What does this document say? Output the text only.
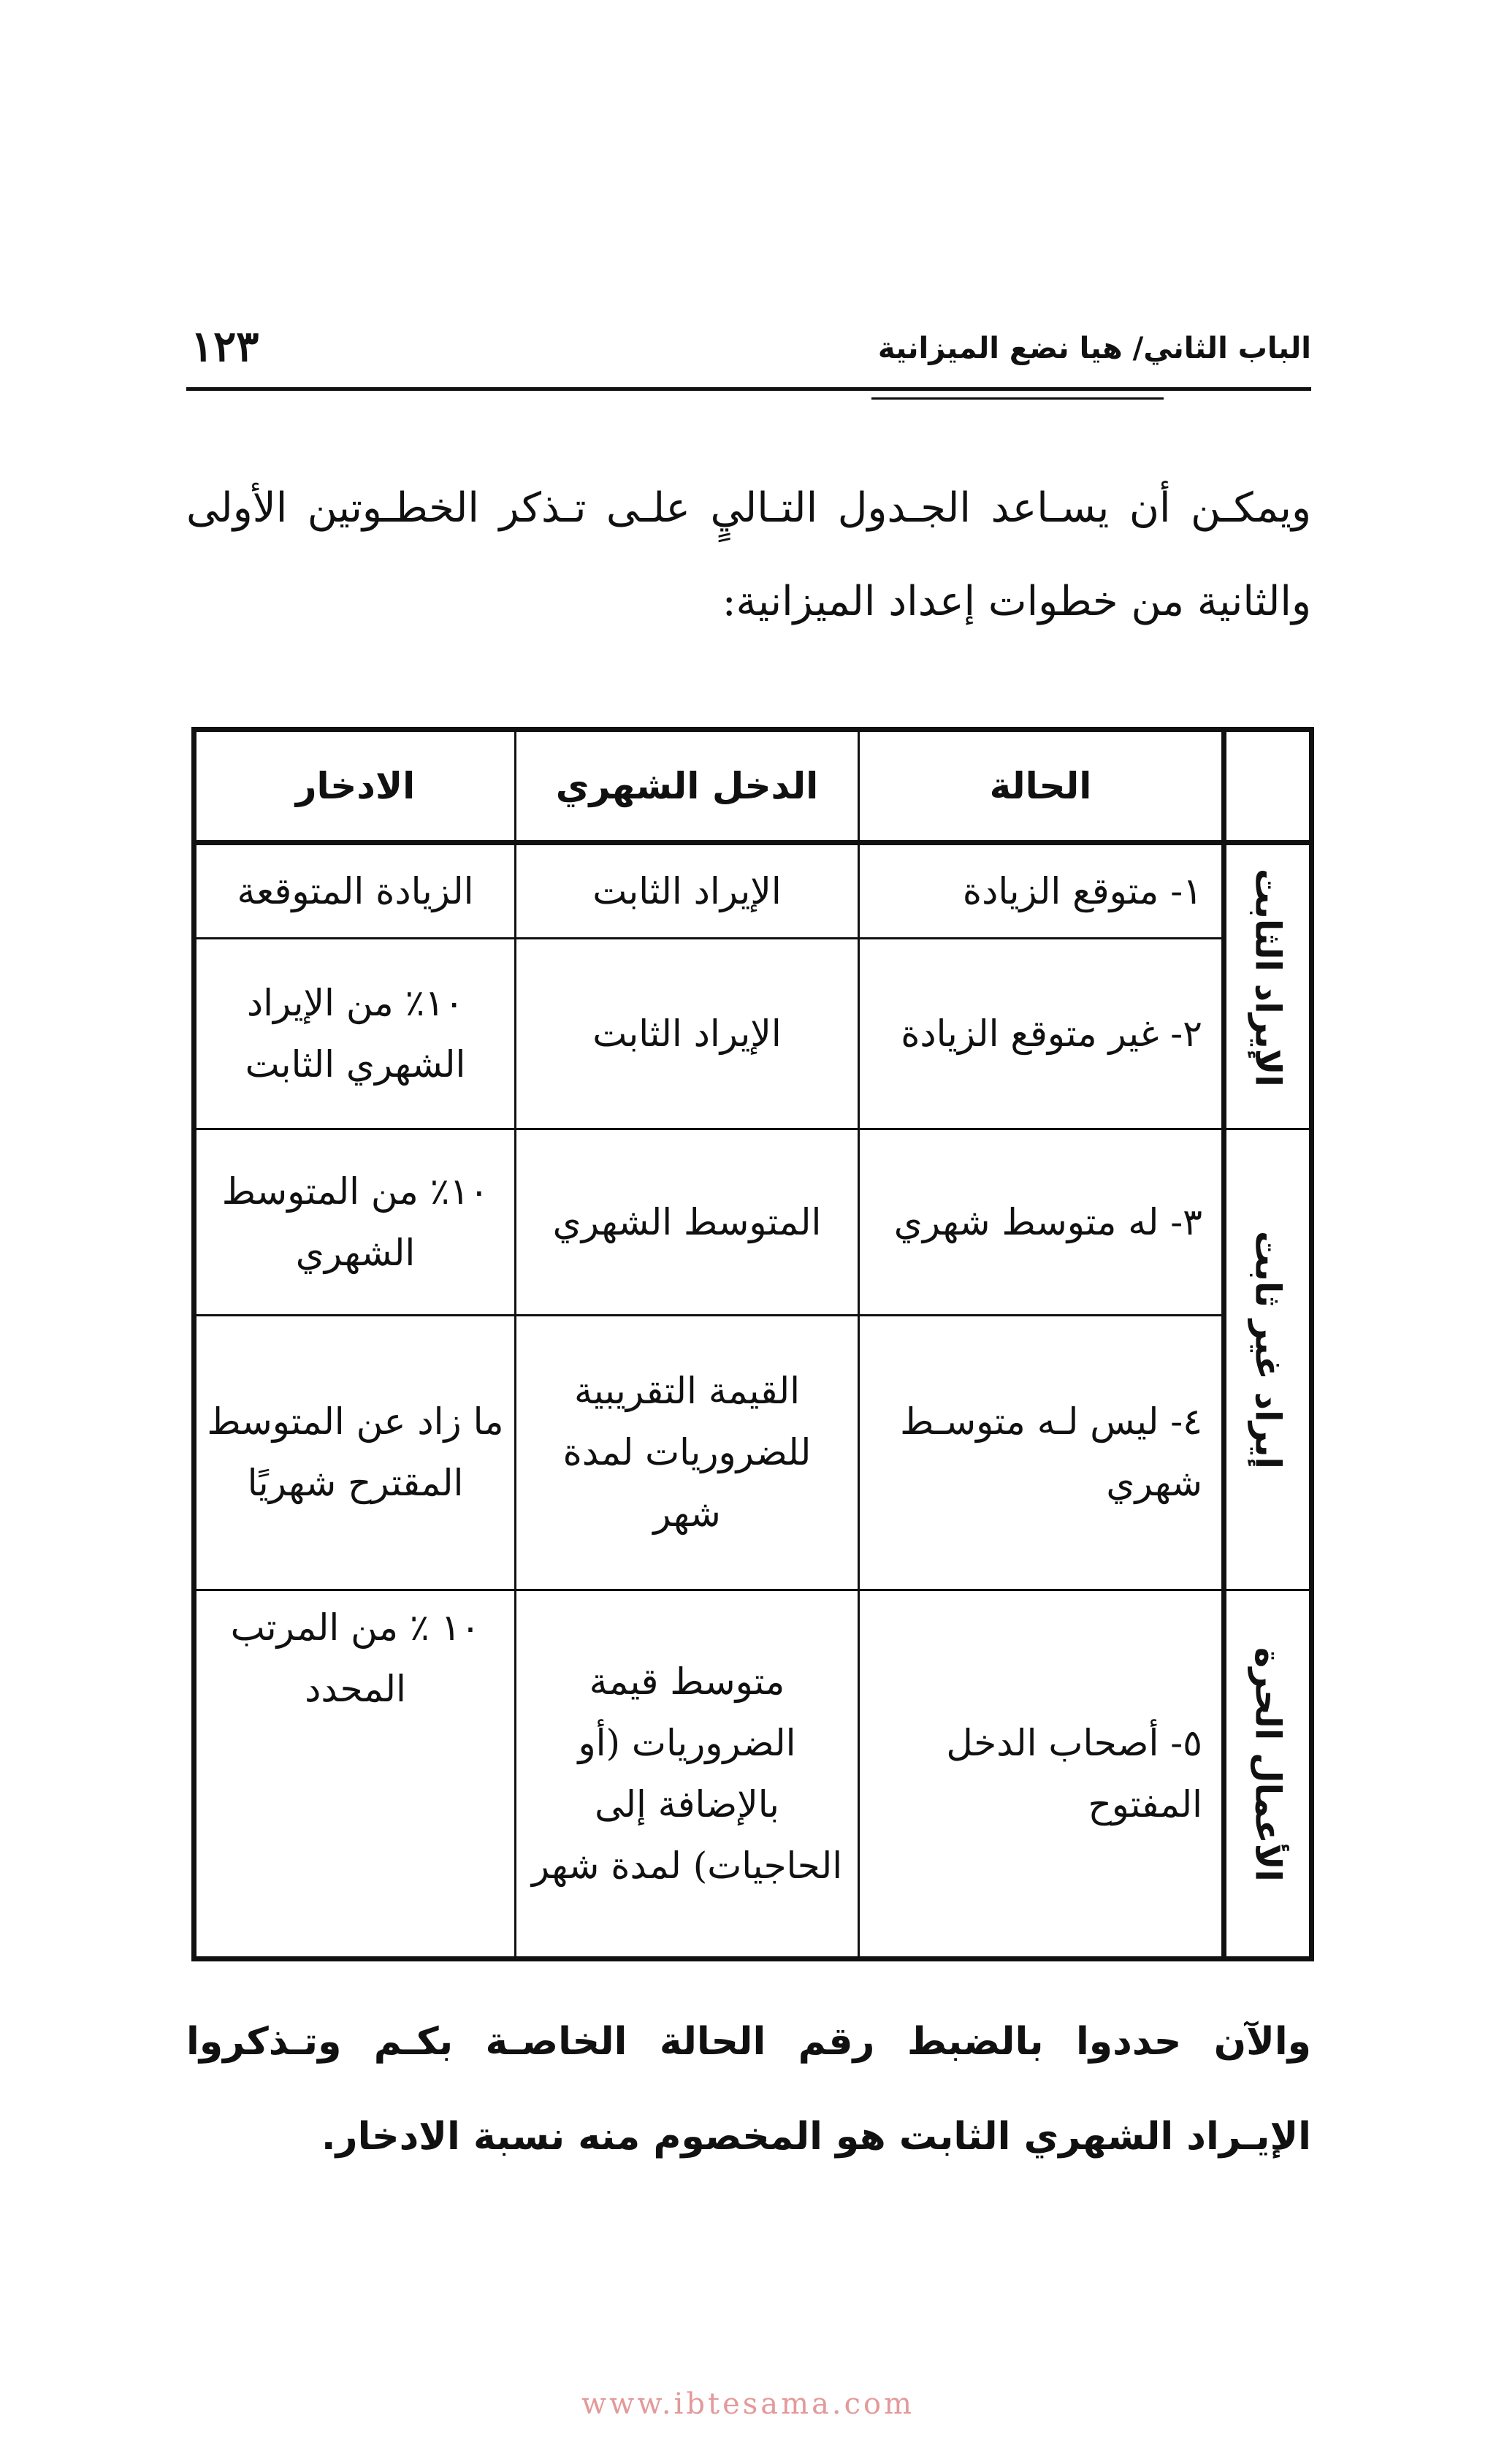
الباب الثاني/ هيا نضع الميزانية
١٢٣

ويمكـن أن يسـاعد الجـدول التـاليٍ علـى تـذكر الخطـوتين الأولى والثانية من خطوات إعداد الميزانية:

	الحالة	الدخل الشهري	الادخار
الإيراد الثابت	١- متوقع الزيادة	الإيراد الثابت	الزيادة المتوقعة
	٢- غير متوقع الزيادة	الإيراد الثابت	١٠٪ من الإيراد الشهري الثابت
إيراد غير ثابت	٣- له متوسط شهري	المتوسط الشهري	١٠٪ من المتوسط الشهري
	٤- ليس لـه متوسـط شهري	القيمة التقريبية للضروريات لمدة شهر	ما زاد عن المتوسط المقترح شهريًا
الأعمال الحرة	٥- أصحاب الدخل المفتوح	متوسط قيمة الضروريات (أو بالإضافة إلى الحاجيات) لمدة شهر	١٠ ٪ من المرتب المحدد

والآن حددوا بالضبط رقم الحالة الخاصـة بكـم وتـذكروا الإيـراد الشهري الثابت هو المخصوم منه نسبة الادخار.

www.ibtesama.com
